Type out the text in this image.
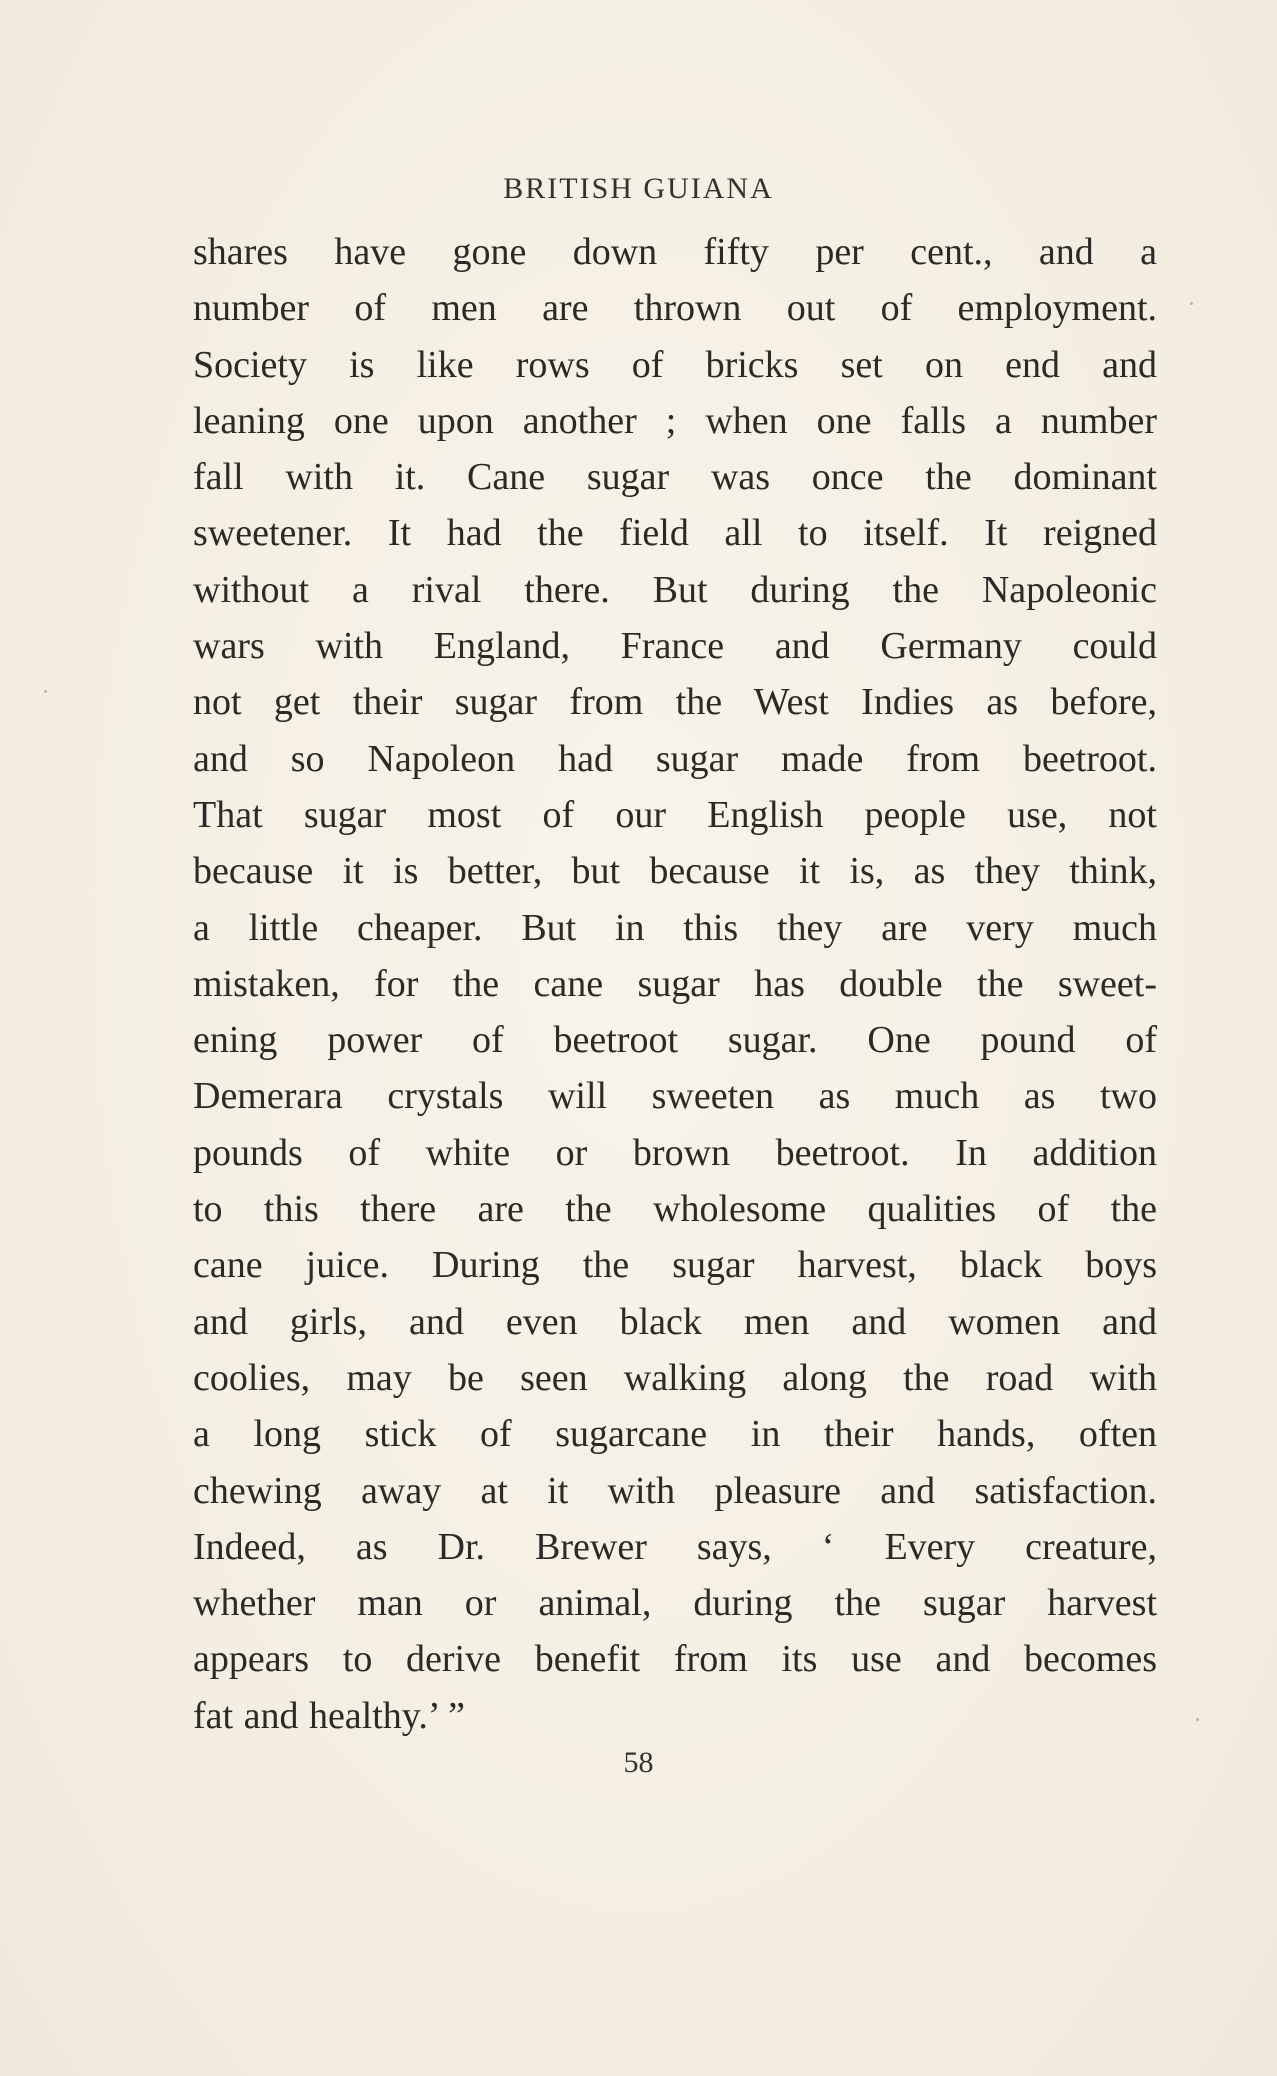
BRITISH GUIANA
shares have gone down fifty per cent., and a
number of men are thrown out of employment.
Society is like rows of bricks set on end and
leaning one upon another ; when one falls a number
fall with it. Cane sugar was once the dominant
sweetener. It had the field all to itself. It reigned
without a rival there. But during the Napoleonic
wars with England, France and Germany could
not get their sugar from the West Indies as before,
and so Napoleon had sugar made from beetroot.
That sugar most of our English people use, not
because it is better, but because it is, as they think,
a little cheaper. But in this they are very much
mistaken, for the cane sugar has double the sweet-
ening power of beetroot sugar. One pound of
Demerara crystals will sweeten as much as two
pounds of white or brown beetroot. In addition
to this there are the wholesome qualities of the
cane juice. During the sugar harvest, black boys
and girls, and even black men and women and
coolies, may be seen walking along the road with
a long stick of sugarcane in their hands, often
chewing away at it with pleasure and satisfaction.
Indeed, as Dr. Brewer says, ‘ Every creature,
whether man or animal, during the sugar harvest
appears to derive benefit from its use and becomes
fat and healthy.’ ”
58
